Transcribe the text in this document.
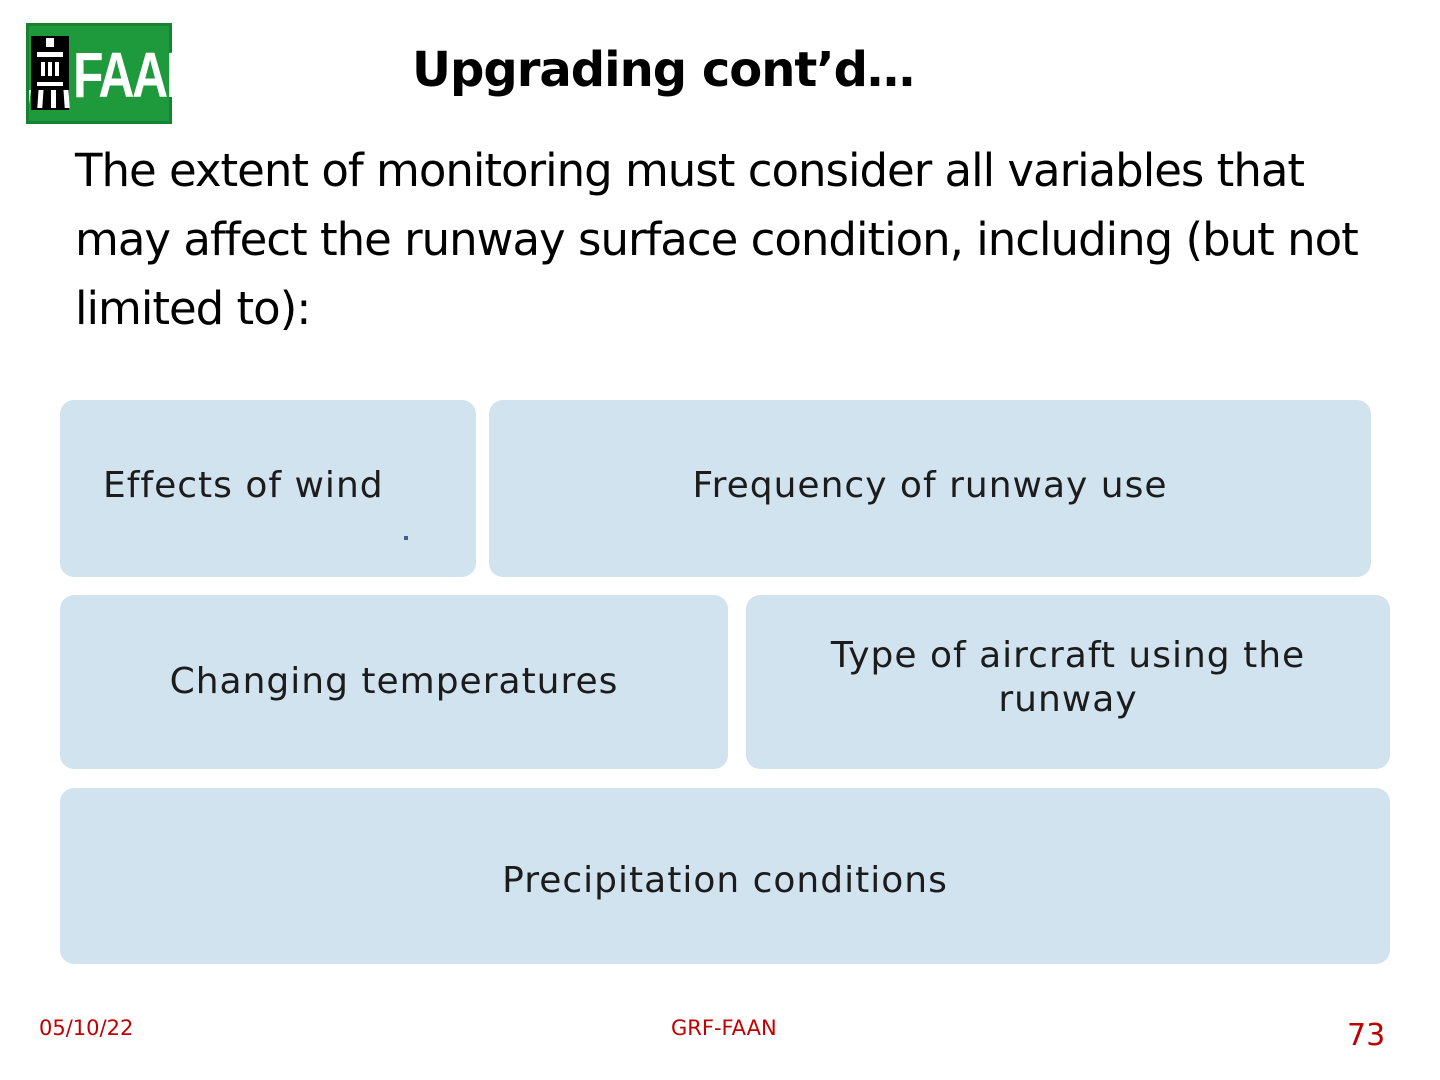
FAAN	Upgrading cont’d…
The extent of monitoring must consider all variables that may affect the runway surface condition, including (but not limited to):
Effects of wind	Frequency of runway use
Changing temperatures
Type of aircraft using the runway
Precipitation conditions
05/10/22	GRF-FAAN	73
